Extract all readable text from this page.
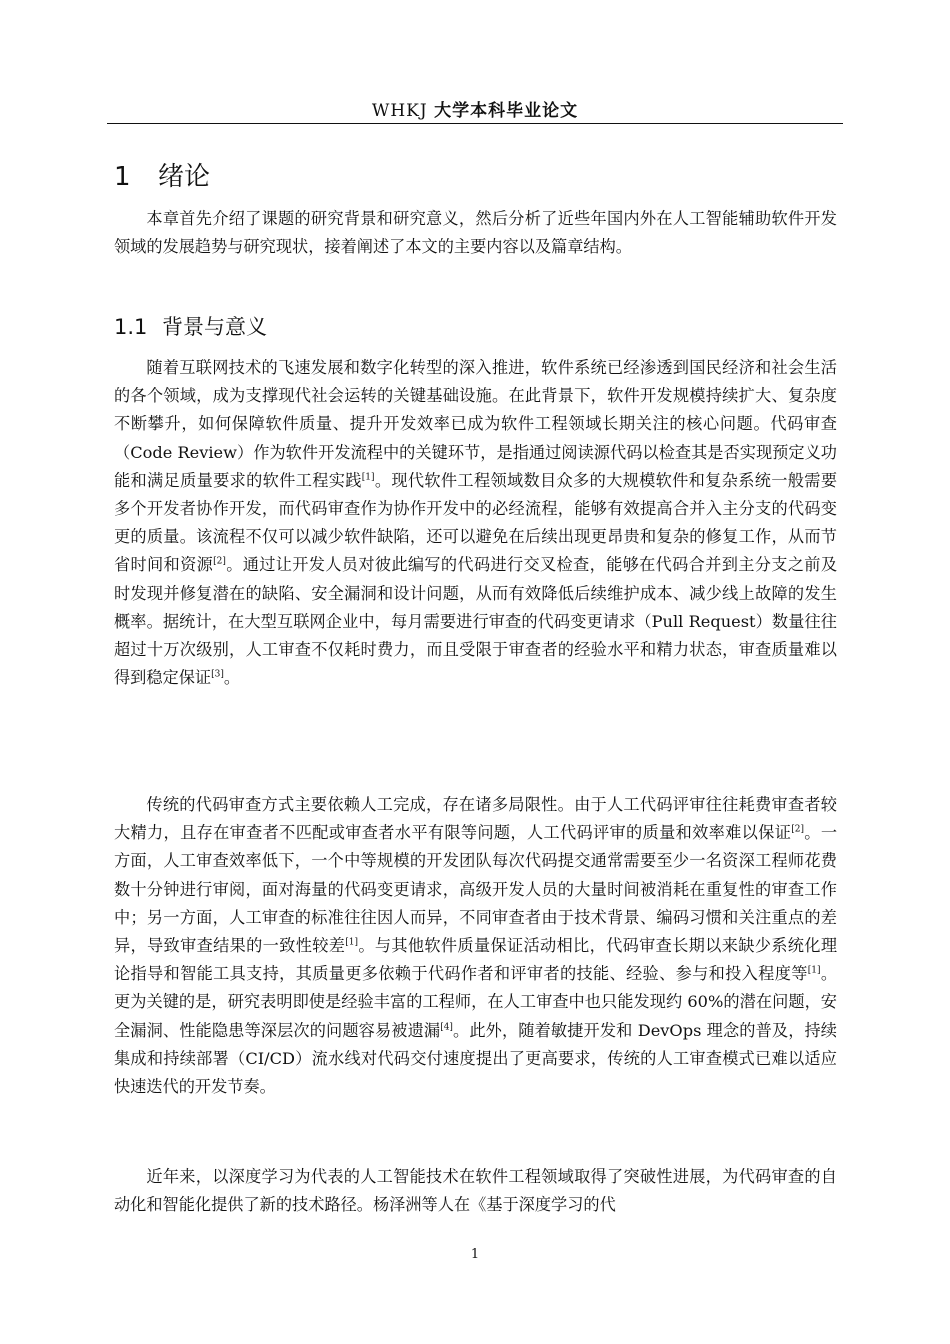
WHKJ 大学本科毕业论文
1 绪论

本章首先介绍了课题的研究背景和研究意义，然后分析了近些年国内外在人工智能辅助软件开发领域的发展趋势与研究现状，接着阐述了本文的主要内容以及篇章结构。

1.1 背景与意义

随着互联网技术的飞速发展和数字化转型的深入推进，软件系统已经渗透到国民经济和社会生活的各个领域，成为支撑现代社会运转的关键基础设施。在此背景下，软件开发规模持续扩大、复杂度不断攀升，如何保障软件质量、提升开发效率已成为软件工程领域长期关注的核心问题。代码审查（Code Review）作为软件开发流程中的关键环节，是指通过阅读源代码以检查其是否实现预定义功能和满足质量要求的软件工程实践[1]。现代软件工程领域数目众多的大规模软件和复杂系统一般需要多个开发者协作开发，而代码审查作为协作开发中的必经流程，能够有效提高合并入主分支的代码变更的质量。该流程不仅可以减少软件缺陷，还可以避免在后续出现更昂贵和复杂的修复工作，从而节省时间和资源[2]。通过让开发人员对彼此编写的代码进行交叉检查，能够在代码合并到主分支之前及时发现并修复潜在的缺陷、安全漏洞和设计问题，从而有效降低后续维护成本、减少线上故障的发生概率。据统计，在大型互联网企业中，每月需要进行审查的代码变更请求（Pull Request）数量往往超过十万次级别，人工审查不仅耗时费力，而且受限于审查者的经验水平和精力状态，审查质量难以得到稳定保证[3]。

传统的代码审查方式主要依赖人工完成，存在诸多局限性。由于人工代码评审往往耗费审查者较大精力，且存在审查者不匹配或审查者水平有限等问题，人工代码评审的质量和效率难以保证[2]。一方面，人工审查效率低下，一个中等规模的开发团队每次代码提交通常需要至少一名资深工程师花费数十分钟进行审阅，面对海量的代码变更请求，高级开发人员的大量时间被消耗在重复性的审查工作中；另一方面，人工审查的标准往往因人而异，不同审查者由于技术背景、编码习惯和关注重点的差异，导致审查结果的一致性较差[1]。与其他软件质量保证活动相比，代码审查长期以来缺少系统化理论指导和智能工具支持，其质量更多依赖于代码作者和评审者的技能、经验、参与和投入程度等[1]。更为关键的是，研究表明即使是经验丰富的工程师，在人工审查中也只能发现约 60%的潜在问题，安全漏洞、性能隐患等深层次的问题容易被遗漏[4]。此外，随着敏捷开发和 DevOps 理念的普及，持续集成和持续部署（CI/CD）流水线对代码交付速度提出了更高要求，传统的人工审查模式已难以适应快速迭代的开发节奏。

近年来，以深度学习为代表的人工智能技术在软件工程领域取得了突破性进展，为代码审查的自动化和智能化提供了新的技术路径。杨泽洲等人在《基于深度学习的代

1
